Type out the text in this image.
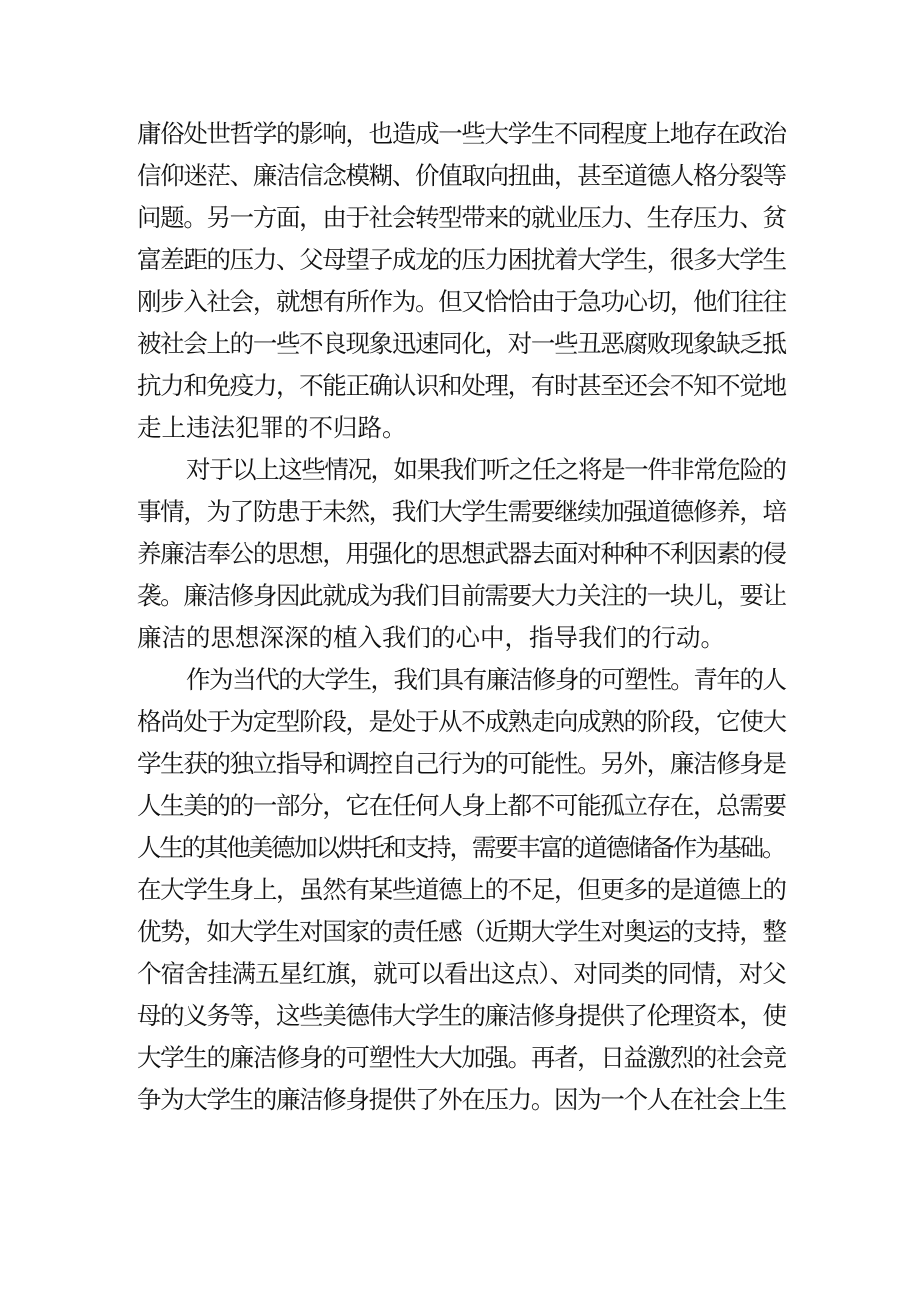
庸俗处世哲学的影响，也造成一些大学生不同程度上地存在政治
信仰迷茫、廉洁信念模糊、价值取向扭曲，甚至道德人格分裂等
问题。另一方面，由于社会转型带来的就业压力、生存压力、贫
富差距的压力、父母望子成龙的压力困扰着大学生，很多大学生
刚步入社会，就想有所作为。但又恰恰由于急功心切，他们往往
被社会上的一些不良现象迅速同化，对一些丑恶腐败现象缺乏抵
抗力和免疫力，不能正确认识和处理，有时甚至还会不知不觉地
走上违法犯罪的不归路。

对于以上这些情况，如果我们听之任之将是一件非常危险的
事情，为了防患于未然，我们大学生需要继续加强道德修养，培
养廉洁奉公的思想，用强化的思想武器去面对种种不利因素的侵
袭。廉洁修身因此就成为我们目前需要大力关注的一块儿，要让
廉洁的思想深深的植入我们的心中，指导我们的行动。

作为当代的大学生，我们具有廉洁修身的可塑性。青年的人
格尚处于为定型阶段，是处于从不成熟走向成熟的阶段，它使大
学生获的独立指导和调控自己行为的可能性。另外，廉洁修身是
人生美的的一部分，它在任何人身上都不可能孤立存在，总需要
人生的其他美德加以烘托和支持，需要丰富的道德储备作为基础。
在大学生身上，虽然有某些道德上的不足，但更多的是道德上的
优势，如大学生对国家的责任感（近期大学生对奥运的支持，整
个宿舍挂满五星红旗，就可以看出这点）、对同类的同情，对父
母的义务等，这些美德伟大学生的廉洁修身提供了伦理资本，使
大学生的廉洁修身的可塑性大大加强。再者，日益激烈的社会竞
争为大学生的廉洁修身提供了外在压力。因为一个人在社会上生
